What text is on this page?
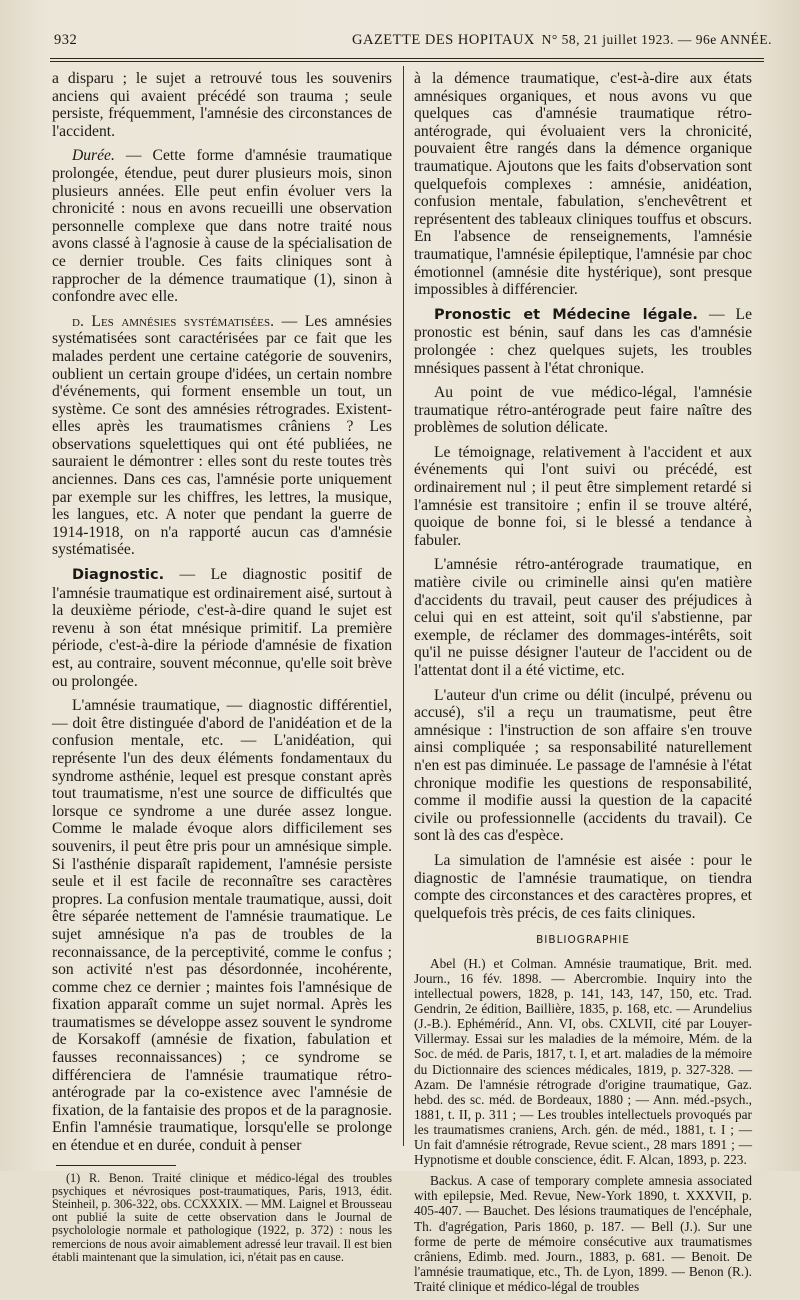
932	GAZETTE DES HOPITAUX N° 58, 21 juillet 1923. — 96e ANNÉE.

a disparu ; le sujet a retrouvé tous les souvenirs anciens qui avaient précédé son trauma ; seule persiste, fréquemment, l'amnésie des circonstances de l'accident.

Durée. — Cette forme d'amnésie traumatique prolongée, étendue, peut durer plusieurs mois, sinon plusieurs années. Elle peut enfin évoluer vers la chronicité : nous en avons recueilli une observation personnelle complexe que dans notre traité nous avons classé à l'agnosie à cause de la spécialisation de ce dernier trouble. Ces faits cliniques sont à rapprocher de la démence traumatique (1), sinon à confondre avec elle.

d. Les amnésies systématisées. — Les amnésies systématisées sont caractérisées par ce fait que les malades perdent une certaine catégorie de souvenirs, oublient un certain groupe d'idées, un certain nombre d'événements, qui forment ensemble un tout, un système. Ce sont des amnésies rétrogrades. Existent-elles après les traumatismes crâniens ? Les observations squelettiques qui ont été publiées, ne sauraient le démontrer : elles sont du reste toutes très anciennes. Dans ces cas, l'amnésie porte uniquement par exemple sur les chiffres, les lettres, la musique, les langues, etc. A noter que pendant la guerre de 1914-1918, on n'a rapporté aucun cas d'amnésie systématisée.

Diagnostic. — Le diagnostic positif de l'amnésie traumatique est ordinairement aisé, surtout à la deuxième période, c'est-à-dire quand le sujet est revenu à son état mnésique primitif. La première période, c'est-à-dire la période d'amnésie de fixation est, au contraire, souvent méconnue, qu'elle soit brève ou prolongée.

L'amnésie traumatique, — diagnostic différentiel, — doit être distinguée d'abord de l'anidéation et de la confusion mentale, etc. — L'anidéation, qui représente l'un des deux éléments fondamentaux du syndrome asthénie, lequel est presque constant après tout traumatisme, n'est une source de difficultés que lorsque ce syndrome a une durée assez longue. Comme le malade évoque alors difficilement ses souvenirs, il peut être pris pour un amnésique simple. Si l'asthénie disparaît rapidement, l'amnésie persiste seule et il est facile de reconnaître ses caractères propres. La confusion mentale traumatique, aussi, doit être séparée nettement de l'amnésie traumatique. Le sujet amnésique n'a pas de troubles de la reconnaissance, de la perceptivité, comme le confus ; son activité n'est pas désordonnée, incohérente, comme chez ce dernier ; maintes fois l'amnésique de fixation apparaît comme un sujet normal. Après les traumatismes se développe assez souvent le syndrome de Korsakoff (amnésie de fixation, fabulation et fausses reconnaissances) ; ce syndrome se différenciera de l'amnésie traumatique rétro-antérograde par la co-existence avec l'amnésie de fixation, de la fantaisie des propos et de la paragnosie. Enfin l'amnésie traumatique, lorsqu'elle se prolonge en étendue et en durée, conduit à penser

(1) R. Benon. Traité clinique et médico-légal des troubles psychiques et névrosiques post-traumatiques, Paris, 1913, édit. Steinheil, p. 306-322, obs. CCXXXIX. — MM. Laignel et Brousseau ont publié la suite de cette observation dans le Journal de psycholologie normale et pathologique (1922, p. 372) : nous les remercions de nous avoir aimablement adressé leur travail. Il est bien établi maintenant que la simulation, ici, n'était pas en cause.

à la démence traumatique, c'est-à-dire aux états amnésiques organiques, et nous avons vu que quelques cas d'amnésie traumatique rétro-antérograde, qui évoluaient vers la chronicité, pouvaient être rangés dans la démence organique traumatique. Ajoutons que les faits d'observation sont quelquefois complexes : amnésie, anidéation, confusion mentale, fabulation, s'enchevêtrent et représentent des tableaux cliniques touffus et obscurs. En l'absence de renseignements, l'amnésie traumatique, l'amnésie épileptique, l'amnésie par choc émotionnel (amnésie dite hystérique), sont presque impossibles à différencier.

Pronostic et Médecine légale. — Le pronostic est bénin, sauf dans les cas d'amnésie prolongée : chez quelques sujets, les troubles mnésiques passent à l'état chronique.

Au point de vue médico-légal, l'amnésie traumatique rétro-antérograde peut faire naître des problèmes de solution délicate.

Le témoignage, relativement à l'accident et aux événements qui l'ont suivi ou précédé, est ordinairement nul ; il peut être simplement retardé si l'amnésie est transitoire ; enfin il se trouve altéré, quoique de bonne foi, si le blessé a tendance à fabuler.

L'amnésie rétro-antérograde traumatique, en matière civile ou criminelle ainsi qu'en matière d'accidents du travail, peut causer des préjudices à celui qui en est atteint, soit qu'il s'abstienne, par exemple, de réclamer des dommages-intérêts, soit qu'il ne puisse désigner l'auteur de l'accident ou de l'attentat dont il a été victime, etc.

L'auteur d'un crime ou délit (inculpé, prévenu ou accusé), s'il a reçu un traumatisme, peut être amnésique : l'instruction de son affaire s'en trouve ainsi compliquée ; sa responsabilité naturellement n'en est pas diminuée. Le passage de l'amnésie à l'état chronique modifie les questions de responsabilité, comme il modifie aussi la question de la capacité civile ou professionnelle (accidents du travail). Ce sont là des cas d'espèce.

La simulation de l'amnésie est aisée : pour le diagnostic de l'amnésie traumatique, on tiendra compte des circonstances et des caractères propres, et quelquefois très précis, de ces faits cliniques.

BIBLIOGRAPHIE

Abel (H.) et Colman. Amnésie traumatique, Brit. med. Journ., 16 fév. 1898. — Abercrombie. Inquiry into the intellectual powers, 1828, p. 141, 143, 147, 150, etc. Trad. Gendrin, 2e édition, Baillière, 1835, p. 168, etc. — Arundelius (J.-B.). Ephéméríd., Ann. VI, obs. CXLVII, cité par Louyer-Villermay. Essai sur les maladies de la mémoire, Mém. de la Soc. de méd. de Paris, 1817, t. I, et art. maladies de la mémoire du Dictionnaire des sciences médicales, 1819, p. 327-328. — Azam. De l'amnésie rétrograde d'origine traumatique, Gaz. hebd. des sc. méd. de Bordeaux, 1880 ; — Ann. méd.-psych., 1881, t. II, p. 311 ; — Les troubles intellectuels provoqués par les traumatismes craniens, Arch. gén. de méd., 1881, t. I ; — Un fait d'amnésie rétrograde, Revue scient., 28 mars 1891 ; — Hypnotisme et double conscience, édit. F. Alcan, 1893, p. 223.

Backus. A case of temporary complete amnesia associated with epilepsie, Med. Revue, New-York 1890, t. XXXVII, p. 405-407. — Bauchet. Des lésions traumatiques de l'encéphale, Th. d'agrégation, Paris 1860, p. 187. — Bell (J.). Sur une forme de perte de mémoire consécutive aux traumatismes crâniens, Edimb. med. Journ., 1883, p. 681. — Benoit. De l'amnésie traumatique, etc., Th. de Lyon, 1899. — Benon (R.). Traité clinique et médico-légal de troubles
